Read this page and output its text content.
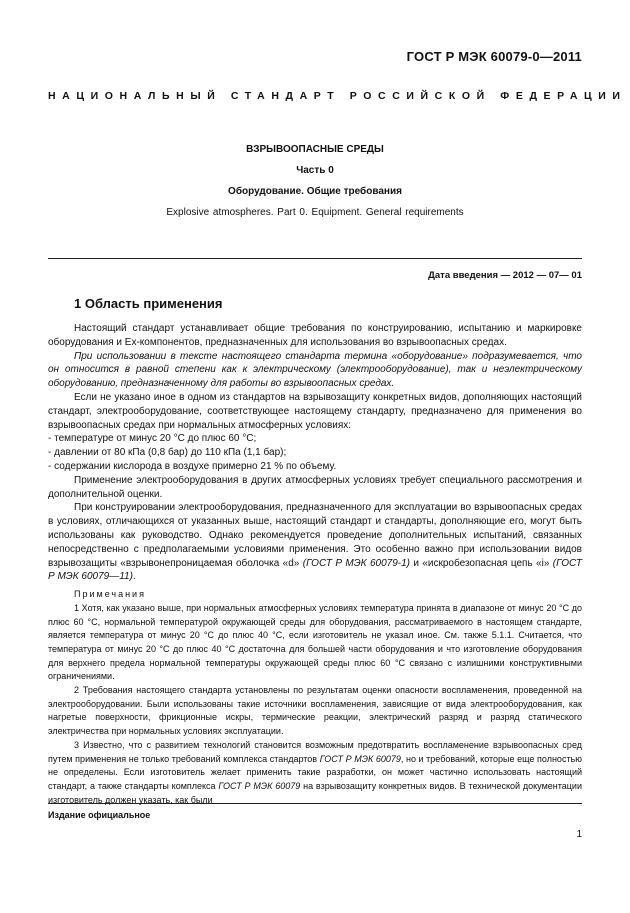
ГОСТ Р МЭК 60079-0—2011
НАЦИОНАЛЬНЫЙ СТАНДАРТ РОССИЙСКОЙ ФЕДЕРАЦИИ
ВЗРЫВООПАСНЫЕ СРЕДЫ
Часть 0
Оборудование. Общие требования
Explosive atmospheres. Part 0. Equipment. General requirements
Дата введения — 2012 — 07— 01
1 Область применения

Настоящий стандарт устанавливает общие требования по конструированию, испытанию и маркировке оборудования и Ex-компонентов, предназначенных для использования во взрывоопасных средах.

При использовании в тексте настоящего стандарта термина «оборудование» подразумевается, что он относится в равной степени как к электрическому (электрооборудование), так и неэлектрическому оборудованию, предназначенному для работы во взрывоопасных средах.

Если не указано иное в одном из стандартов на взрывозащиту конкретных видов, дополняющих настоящий стандарт, электрооборудование, соответствующее настоящему стандарту, предназначено для применения во взрывоопасных средах при нормальных атмосферных условиях:

- температуре от минус 20 °C до плюс 60 °C;

- давлении от 80 кПа (0,8 бар) до 110 кПа (1,1 бар);

- содержании кислорода в воздухе примерно 21 % по объему.

Применение электрооборудования в других атмосферных условиях требует специального рассмотрения и дополнительной оценки.

При конструировании электрооборудования, предназначенного для эксплуатации во взрывоопасных средах в условиях, отличающихся от указанных выше, настоящий стандарт и стандарты, дополняющие его, могут быть использованы как руководство. Однако рекомендуется проведение дополнительных испытаний, связанных непосредственно с предполагаемыми условиями применения. Это особенно важно при использовании видов взрывозащиты «взрывонепроницаемая оболочка «d» (ГОСТ Р МЭК 60079-1) и «искробезопасная цепь «i» (ГОСТ Р МЭК 60079—11).

Примечания

1 Хотя, как указано выше, при нормальных атмосферных условиях температура принята в диапазоне от минус 20 °C до плюс 60 °C, нормальной температурой окружающей среды для оборудования, рассматриваемого в настоящем стандарте, является температура от минус 20 °C до плюс 40 °C, если изготовитель не указал иное. См. также 5.1.1. Считается, что температура от минус 20 °C до плюс 40 °C достаточна для большей части оборудования и что изготовление оборудования для верхнего предела нормальной температуры окружающей среды плюс 60 °C связано с излишними конструктивными ограничениями.

2 Требования настоящего стандарта установлены по результатам оценки опасности воспламенения, проведенной на электрооборудовании. Были использованы такие источники воспламенения, зависящие от вида электрооборудования, как нагретые поверхности, фрикционные искры, термические реакции, электрический разряд и разряд статического электричества при нормальных условиях эксплуатации.

3 Известно, что с развитием технологий становится возможным предотвратить воспламенение взрывоопасных сред путем применения не только требований комплекса стандартов ГОСТ Р МЭК 60079, но и требований, которые еще полностью не определены. Если изготовитель желает применить такие разработки, он может частично использовать настоящий стандарт, а также стандарты комплекса ГОСТ Р МЭК 60079 на взрывозащиту конкретных видов. В технической документации изготовитель должен указать, как были

Издание официальное
1
